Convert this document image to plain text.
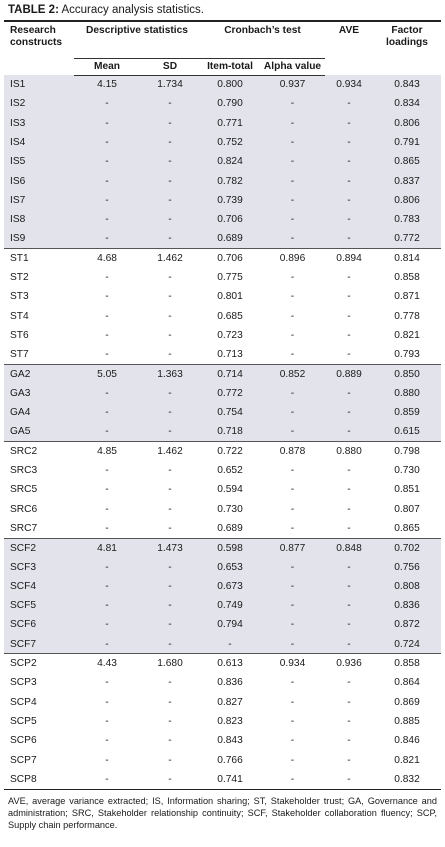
TABLE 2: Accuracy analysis statistics.
Research constructs	Descriptive statistics		Cronbach’s test		AVE	Factor loadings
	Mean	SD	Item-total	Alpha value		
IS1	4.15	1.734	0.800	0.937	0.934	0.843
IS2	-	-	0.790	-	-	0.834
IS3	-	-	0.771	-	-	0.806
IS4	-	-	0.752	-	-	0.791
IS5	-	-	0.824	-	-	0.865
IS6	-	-	0.782	-	-	0.837
IS7	-	-	0.739	-	-	0.806
IS8	-	-	0.706	-	-	0.783
IS9	-	-	0.689	-	-	0.772
ST1	4.68	1.462	0.706	0.896	0.894	0.814
ST2	-	-	0.775	-	-	0.858
ST3	-	-	0.801	-	-	0.871
ST4	-	-	0.685	-	-	0.778
ST6	-	-	0.723	-	-	0.821
ST7	-	-	0.713	-	-	0.793
GA2	5.05	1.363	0.714	0.852	0.889	0.850
GA3	-	-	0.772	-	-	0.880
GA4	-	-	0.754	-	-	0.859
GA5	-	-	0.718	-	-	0.615
SRC2	4.85	1.462	0.722	0.878	0.880	0.798
SRC3	-	-	0.652	-	-	0.730
SRC5	-	-	0.594	-	-	0.851
SRC6	-	-	0.730	-	-	0.807
SRC7	-	-	0.689	-	-	0.865
SCF2	4.81	1.473	0.598	0.877	0.848	0.702
SCF3	-	-	0.653	-	-	0.756
SCF4	-	-	0.673	-	-	0.808
SCF5	-	-	0.749	-	-	0.836
SCF6	-	-	0.794	-	-	0.872
SCF7	-	-	-	-	-	0.724
SCP2	4.43	1.680	0.613	0.934	0.936	0.858
SCP3	-	-	0.836	-	-	0.864
SCP4	-	-	0.827	-	-	0.869
SCP5	-	-	0.823	-	-	0.885
SCP6	-	-	0.843	-	-	0.846
SCP7	-	-	0.766	-	-	0.821
SCP8	-	-	0.741	-	-	0.832
AVE, average variance extracted; IS, Information sharing; ST, Stakeholder trust; GA, Governance and administration; SRC, Stakeholder relationship continuity; SCF, Stakeholder collaboration fluency; SCP, Supply chain performance.
